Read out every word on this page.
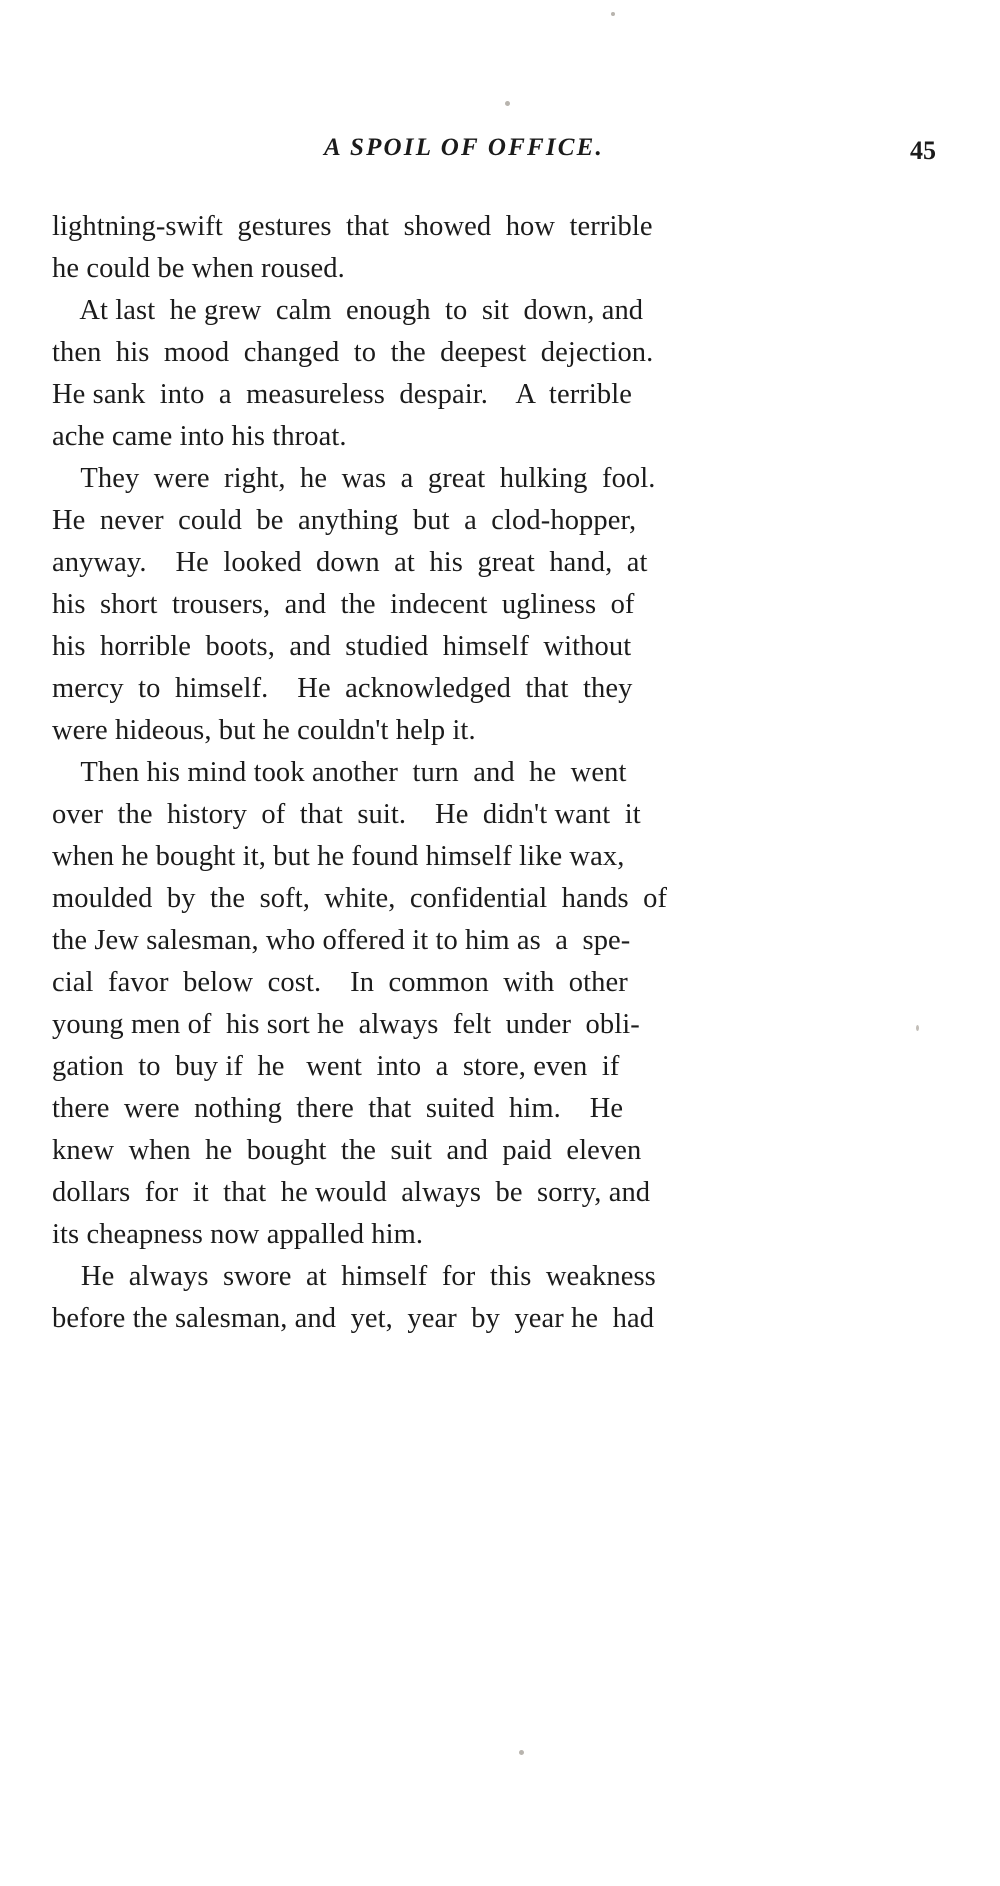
A SPOIL OF OFFICE.	45
lightning-swift  gestures  that  showed  how  terrible
he could be when roused.
At last  he grew  calm  enough  to  sit  down, and
then  his  mood  changed  to  the  deepest  dejection.
He sank  into  a  measureless  despair.    A  terrible
ache came into his throat.
They  were  right,  he  was  a  great  hulking  fool.
He  never  could  be  anything  but  a  clod-hopper,
anyway.    He  looked  down  at  his  great  hand,  at
his  short  trousers,  and  the  indecent  ugliness  of
his  horrible  boots,  and  studied  himself  without
mercy  to  himself.    He  acknowledged  that  they
were hideous, but he couldn't help it.
Then his mind took another  turn  and  he  went
over  the  history  of  that  suit.    He  didn't want  it
when he bought it, but he found himself like wax,
moulded  by  the  soft,  white,  confidential  hands  of
the Jew salesman, who offered it to him as  a  spe-
cial  favor  below  cost.    In  common  with  other
young men of  his sort he  always  felt  under  obli-
gation  to  buy if  he   went  into  a  store, even  if
there  were  nothing  there  that  suited  him.    He
knew  when  he  bought  the  suit  and  paid  eleven
dollars  for  it  that  he would  always  be  sorry, and
its cheapness now appalled him.
He  always  swore  at  himself  for  this  weakness
before the salesman, and  yet,  year  by  year he  had
